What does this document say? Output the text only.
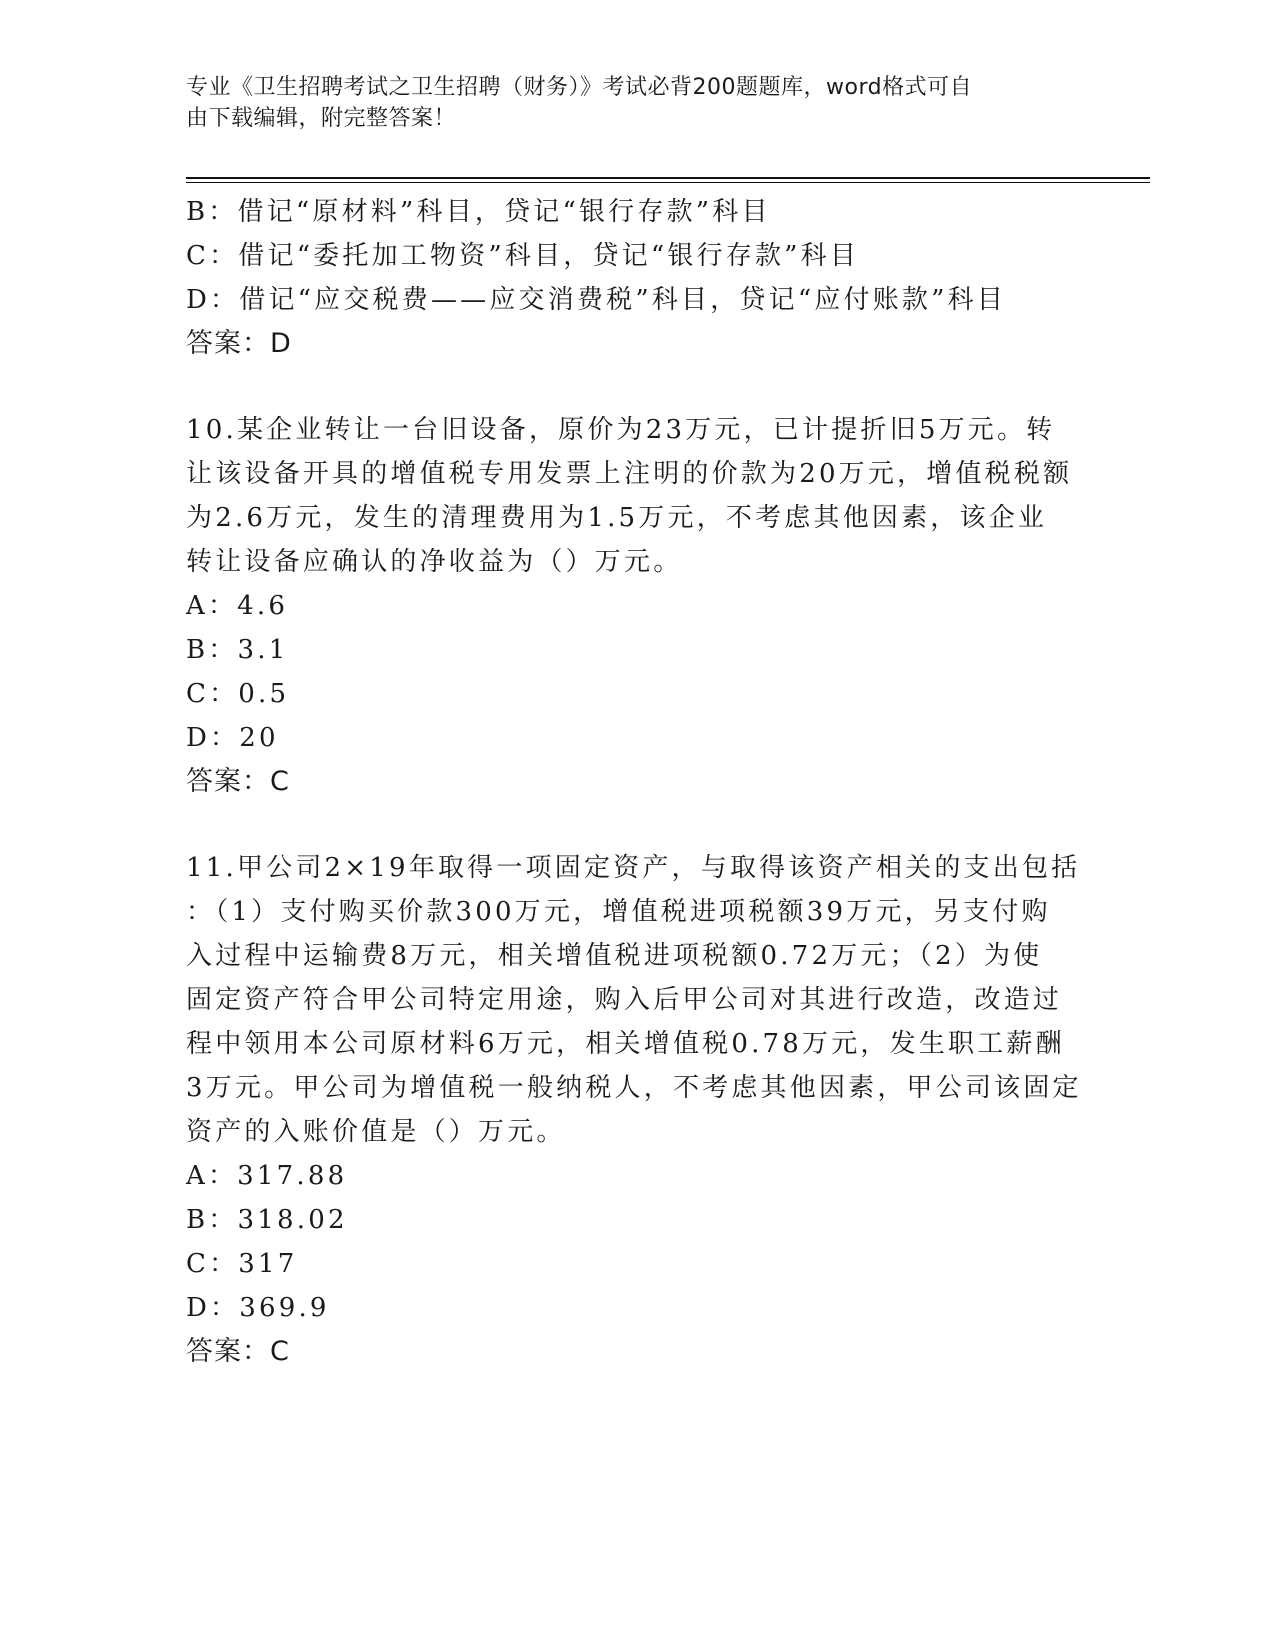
专业《卫生招聘考试之卫生招聘（财务）》考试必背200题题库，word格式可自
由下载编辑，附完整答案！
B：借记“原材料”科目，贷记“银行存款”科目
C：借记“委托加工物资”科目，贷记“银行存款”科目
D：借记“应交税费——应交消费税”科目，贷记“应付账款”科目
答案：D
10.某企业转让一台旧设备，原价为23万元，已计提折旧5万元。转
让该设备开具的增值税专用发票上注明的价款为20万元，增值税税额
为2.6万元，发生的清理费用为1.5万元，不考虑其他因素，该企业
转让设备应确认的净收益为（）万元。
A：4.6
B：3.1
C：0.5
D：20
答案：C
11.甲公司2×19年取得一项固定资产，与取得该资产相关的支出包括
：（1）支付购买价款300万元，增值税进项税额39万元，另支付购
入过程中运输费8万元，相关增值税进项税额0.72万元；（2）为使
固定资产符合甲公司特定用途，购入后甲公司对其进行改造，改造过
程中领用本公司原材料6万元，相关增值税0.78万元，发生职工薪酬
3万元。甲公司为增值税一般纳税人，不考虑其他因素，甲公司该固定
资产的入账价值是（）万元。
A：317.88
B：318.02
C：317
D：369.9
答案：C
